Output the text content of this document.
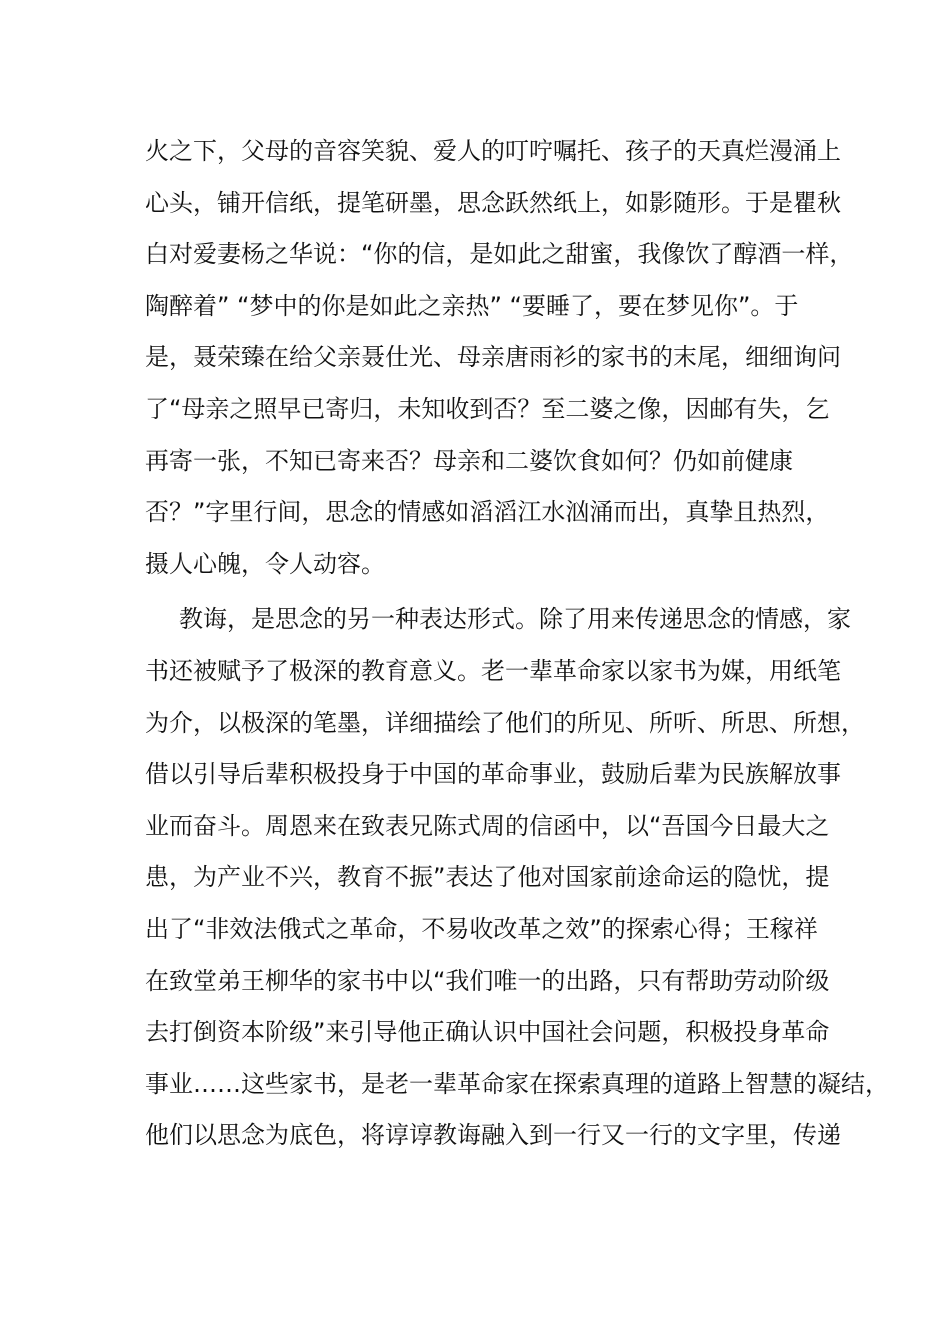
火之下，父母的音容笑貌、爱人的叮咛嘱托、孩子的天真烂漫涌上
心头，铺开信纸，提笔研墨，思念跃然纸上，如影随形。于是瞿秋
白对爱妻杨之华说：“你的信，是如此之甜蜜，我像饮了醇酒一样，
陶醉着” “梦中的你是如此之亲热” “要睡了，要在梦见你”。于
是，聂荣臻在给父亲聂仕光、母亲唐雨衫的家书的末尾，细细询问
了“母亲之照早已寄归，未知收到否？至二婆之像，因邮有失，乞
再寄一张，不知已寄来否？母亲和二婆饮食如何？仍如前健康
否？”字里行间，思念的情感如滔滔江水汹涌而出，真挚且热烈，
摄人心魄，令人动容。
教诲，是思念的另一种表达形式。除了用来传递思念的情感，家
书还被赋予了极深的教育意义。老一辈革命家以家书为媒，用纸笔
为介，以极深的笔墨，详细描绘了他们的所见、所听、所思、所想，
借以引导后辈积极投身于中国的革命事业，鼓励后辈为民族解放事
业而奋斗。周恩来在致表兄陈式周的信函中，以“吾国今日最大之
患，为产业不兴，教育不振”表达了他对国家前途命运的隐忧，提
出了“非效法俄式之革命，不易收改革之效”的探索心得；王稼祥
在致堂弟王柳华的家书中以“我们唯一的出路，只有帮助劳动阶级
去打倒资本阶级”来引导他正确认识中国社会问题，积极投身革命
事业……这些家书，是老一辈革命家在探索真理的道路上智慧的凝结，
他们以思念为底色，将谆谆教诲融入到一行又一行的文字里，传递
